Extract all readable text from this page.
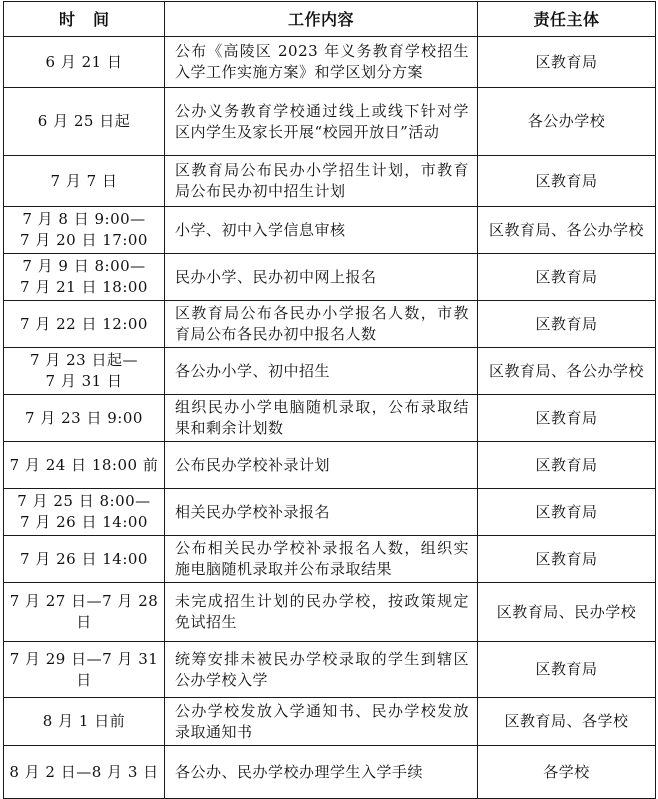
时间	工作内容	责任主体

6 月 21 日	公布《高陵区 2023 年义务教育学校招生入学工作实施方案》和学区划分方案	区教育局

6 月 25 日起	公办义务教育学校通过线上或线下针对学区内学生及家长开展“校园开放日”活动	各公办学校

7 月 7 日	区教育局公布民办小学招生计划，市教育局公布民办初中招生计划	区教育局

7 月 8 日 9:00—
7 月 20 日 17:00	小学、初中入学信息审核	区教育局、各公办学校

7 月 9 日 8:00—
7 月 21 日 18:00	民办小学、民办初中网上报名	区教育局

7 月 22 日 12:00	区教育局公布各民办小学报名人数，市教育局公布各民办初中报名人数	区教育局

7 月 23 日起—
7 月 31 日	各公办小学、初中招生	区教育局、各公办学校

7 月 23 日 9:00	组织民办小学电脑随机录取，公布录取结果和剩余计划数	区教育局

7 月 24 日 18:00 前	公布民办学校补录计划	区教育局

7 月 25 日 8:00—
7 月 26 日 14:00	相关民办学校补录报名	区教育局

7 月 26 日 14:00	公布相关民办学校补录报名人数，组织实施电脑随机录取并公布录取结果	区教育局

7 月 27 日—7 月 28 日	未完成招生计划的民办学校，按政策规定免试招生	区教育局、民办学校

7 月 29 日—7 月 31 日	统筹安排未被民办学校录取的学生到辖区公办学校入学	区教育局

8 月 1 日前	公办学校发放入学通知书、民办学校发放录取通知书	区教育局、各学校

8 月 2 日—8 月 3 日	各公办、民办学校办理学生入学手续	各学校
